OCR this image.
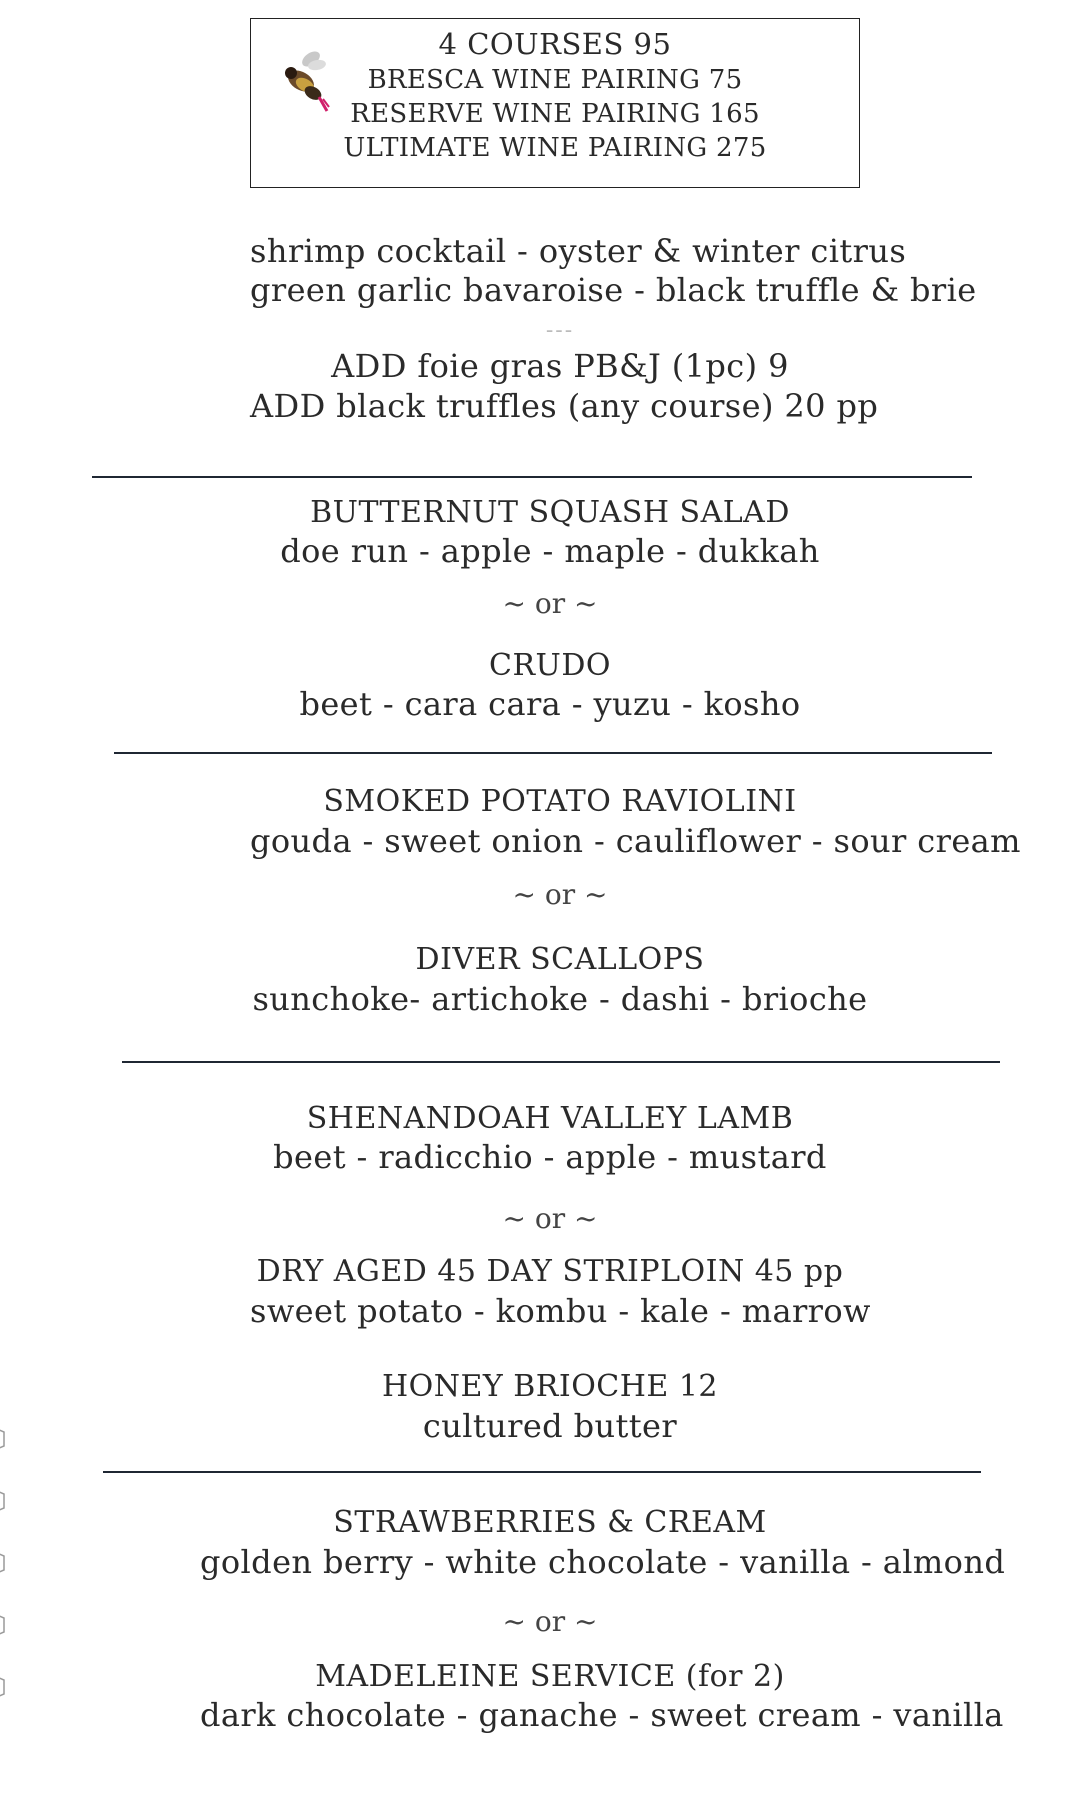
4 COURSES 95
BRESCA WINE PAIRING 75
RESERVE WINE PAIRING 165
ULTIMATE WINE PAIRING 275
shrimp cocktail - oyster & winter citrus
green garlic bavaroise - black truffle & brie
---
ADD foie gras PB&J (1pc) 9
ADD black truffles (any course) 20 pp
BUTTERNUT SQUASH SALAD
doe run - apple - maple - dukkah
~ or ~
CRUDO
beet - cara cara - yuzu - kosho
SMOKED POTATO RAVIOLINI
gouda - sweet onion - cauliflower - sour cream
~ or ~
DIVER SCALLOPS
sunchoke- artichoke - dashi - brioche
SHENANDOAH VALLEY LAMB
beet - radicchio - apple - mustard
~ or ~
DRY AGED 45 DAY STRIPLOIN 45 pp
sweet potato - kombu - kale - marrow
HONEY BRIOCHE 12
cultured butter
STRAWBERRIES & CREAM
golden berry - white chocolate - vanilla - almond
~ or ~
MADELEINE SERVICE (for 2)
dark chocolate - ganache - sweet cream - vanilla
